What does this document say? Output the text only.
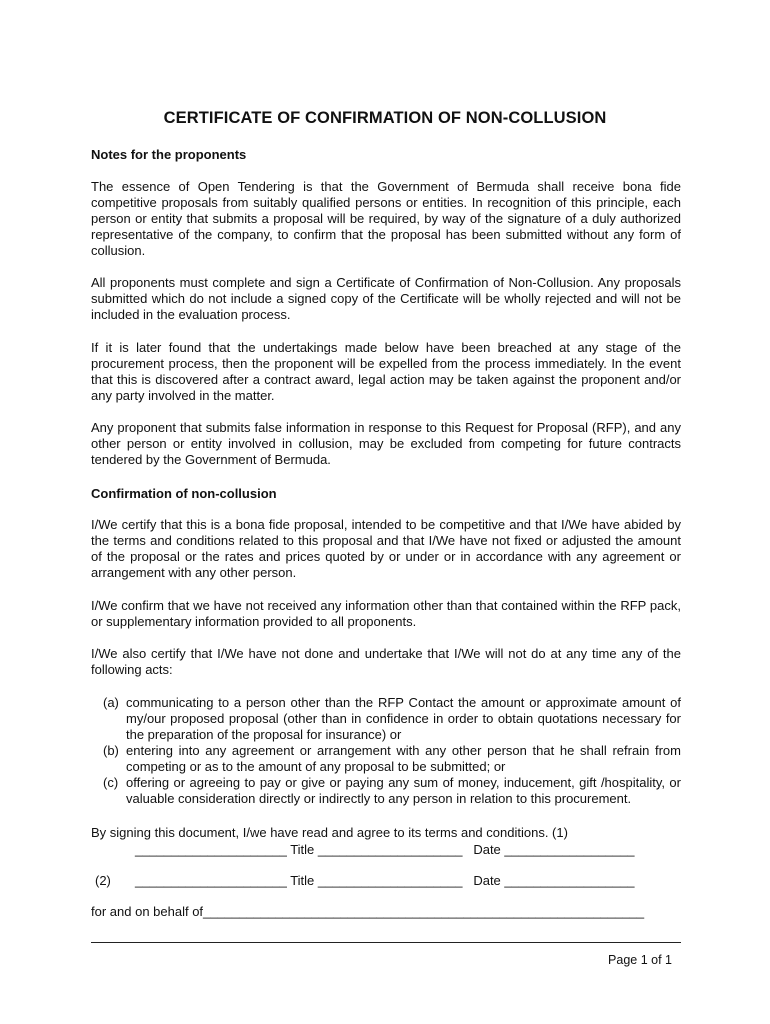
CERTIFICATE OF CONFIRMATION OF NON-COLLUSION
Notes for the proponents

The essence of Open Tendering is that the Government of Bermuda shall receive bona fide competitive proposals from suitably qualified persons or entities. In recognition of this principle, each person or entity that submits a proposal will be required, by way of the signature of a duly authorized representative of the company, to confirm that the proposal has been submitted without any form of collusion.

All proponents must complete and sign a Certificate of Confirmation of Non-Collusion. Any proposals submitted which do not include a signed copy of the Certificate will be wholly rejected and will not be included in the evaluation process.

If it is later found that the undertakings made below have been breached at any stage of the procurement process, then the proponent will be expelled from the process immediately. In the event that this is discovered after a contract award, legal action may be taken against the proponent and/or any party involved in the matter.

Any proponent that submits false information in response to this Request for Proposal (RFP), and any other person or entity involved in collusion, may be excluded from competing for future contracts tendered by the Government of Bermuda.

Confirmation of non-collusion

I/We certify that this is a bona fide proposal, intended to be competitive and that I/We have abided by the terms and conditions related to this proposal and that I/We have not fixed or adjusted the amount of the proposal or the rates and prices quoted by or under or in accordance with any agreement or arrangement with any other person.

I/We confirm that we have not received any information other than that contained within the RFP pack, or supplementary information provided to all proponents.

I/We also certify that I/We have not done and undertake that I/We will not do at any time any of the following acts:

(a) communicating to a person other than the RFP Contact the amount or approximate amount of my/our proposed proposal (other than in confidence in order to obtain quotations necessary for the preparation of the proposal for insurance) or
(b) entering into any agreement or arrangement with any other person that he shall refrain from competing or as to the amount of any proposal to be submitted; or
(c) offering or agreeing to pay or give or paying any sum of money, inducement, gift /hospitality, or valuable consideration directly or indirectly to any person in relation to this procurement.

By signing this document, I/we have read and agree to its terms and conditions. (1)

_____________________ Title ____________________   Date __________________
(2) _____________________ Title ____________________   Date __________________
for and on behalf of_____________________________________________________________
Page 1 of 1
